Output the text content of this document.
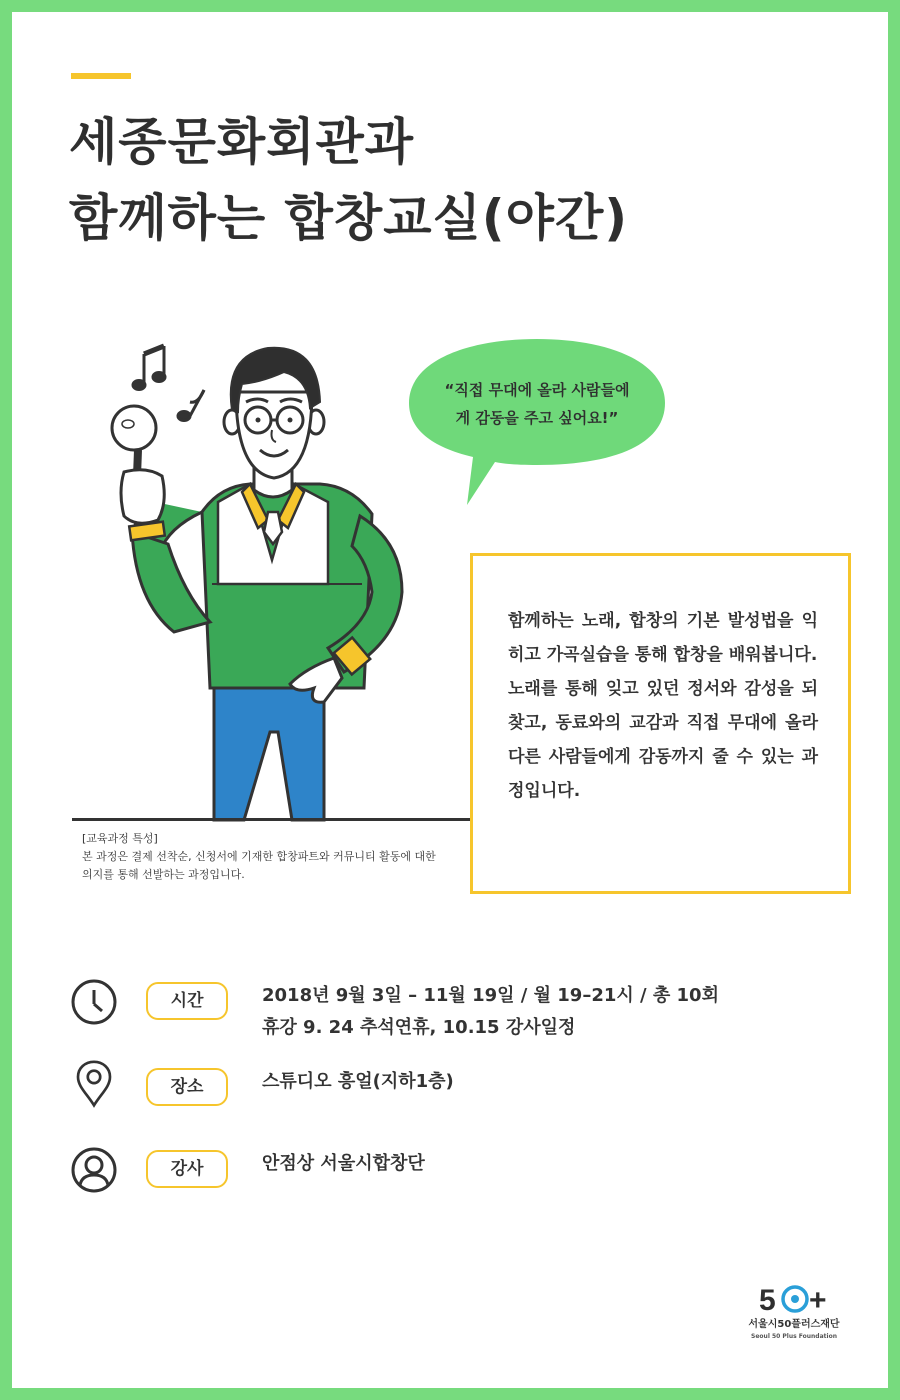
세종문화회관과
함께하는 합창교실(야간)
“직접 무대에 올라 사람들에
게 감동을 주고 싶어요!”
[교육과정 특성]
본 과정은 결제 선착순, 신청서에 기재한 합창파트와 커뮤니티 활동에 대한
의지를 통해 선발하는 과정입니다.

함께하는 노래, 합창의 기본 발성법을 익히고 가곡실습을 통해 합창을 배워봅니다.

노래를 통해 잊고 있던 정서와 감성을 되찾고, 동료와의 교감과 직접 무대에 올라 다른 사람들에게 감동까지 줄 수 있는 과정입니다.

시간	2018년 9월 3일 – 11월 19일 / 월 19–21시 / 총 10회
휴강 9. 24 추석연휴, 10.15 강사일정
장소	스튜디오 흥얼(지하1층)
강사	안점상 서울시합창단
5 +
서울시50플러스재단
Seoul 50 Plus Foundation
